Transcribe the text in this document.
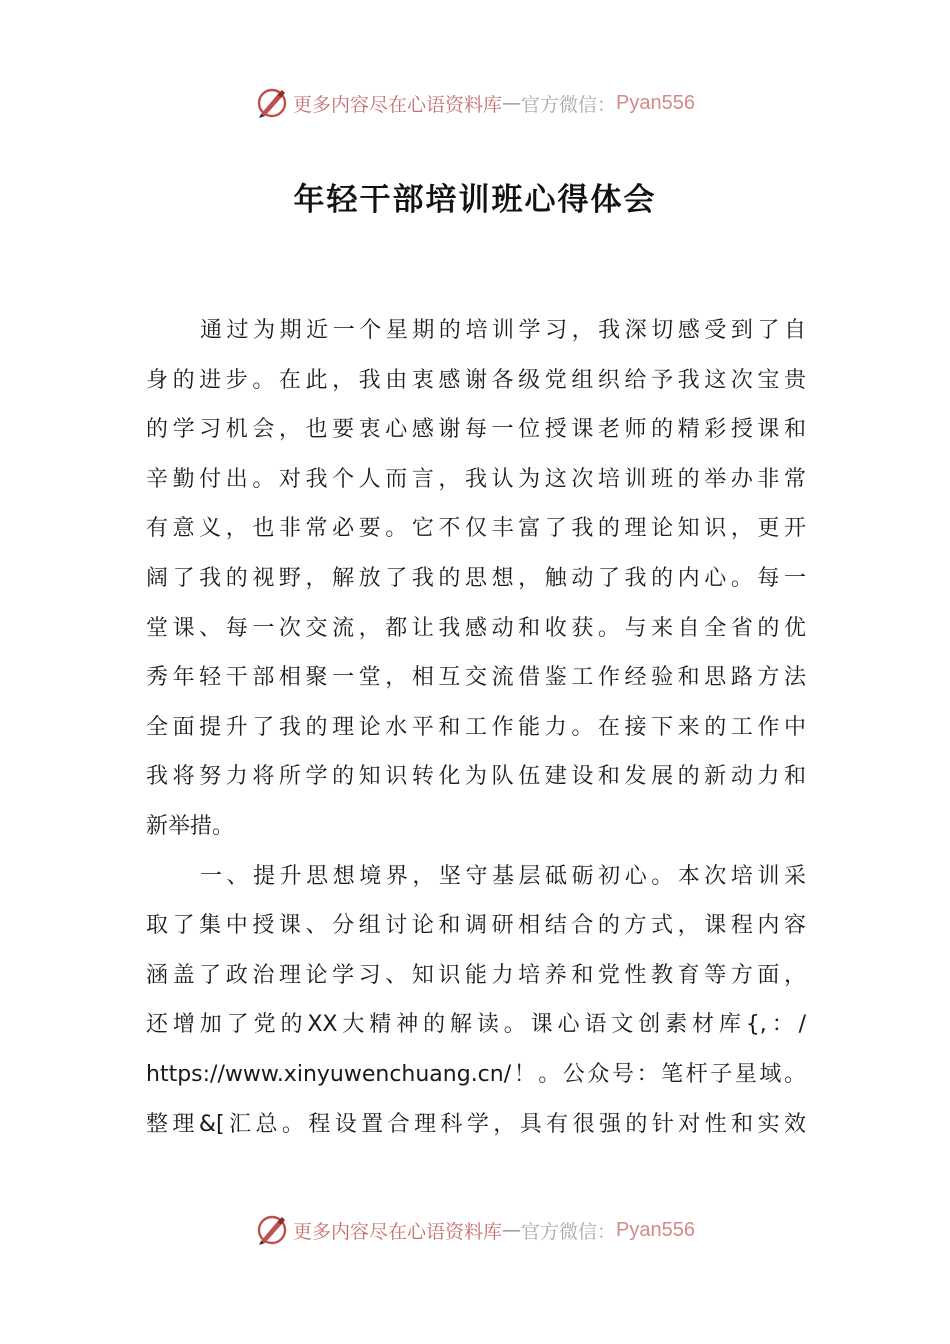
更多内容尽在心语资料库 — 官方微信： Pyan556
年轻干部培训班心得体会
通过为期近一个星期的培训学习，我深切感受到了自
身的进步。在此，我由衷感谢各级党组织给予我这次宝贵
的学习机会，也要衷心感谢每一位授课老师的精彩授课和
辛勤付出。对我个人而言，我认为这次培训班的举办非常
有意义，也非常必要。它不仅丰富了我的理论知识，更开
阔了我的视野，解放了我的思想，触动了我的内心。每一
堂课、每一次交流，都让我感动和收获。与来自全省的优
秀年轻干部相聚一堂，相互交流借鉴工作经验和思路方法
全面提升了我的理论水平和工作能力。在接下来的工作中
我将努力将所学的知识转化为队伍建设和发展的新动力和
新举措。
一、提升思想境界，坚守基层砥砺初心。本次培训采
取了集中授课、分组讨论和调研相结合的方式，课程内容
涵盖了政治理论学习、知识能力培养和党性教育等方面，
还增加了党的XX大精神的解读。课心语文创素材库{,：/
https://www.xinyuwenchuang.cn/！。公众号：笔杆子星域。
整理&[汇总。程设置合理科学，具有很强的针对性和实效
更多内容尽在心语资料库 — 官方微信： Pyan556
